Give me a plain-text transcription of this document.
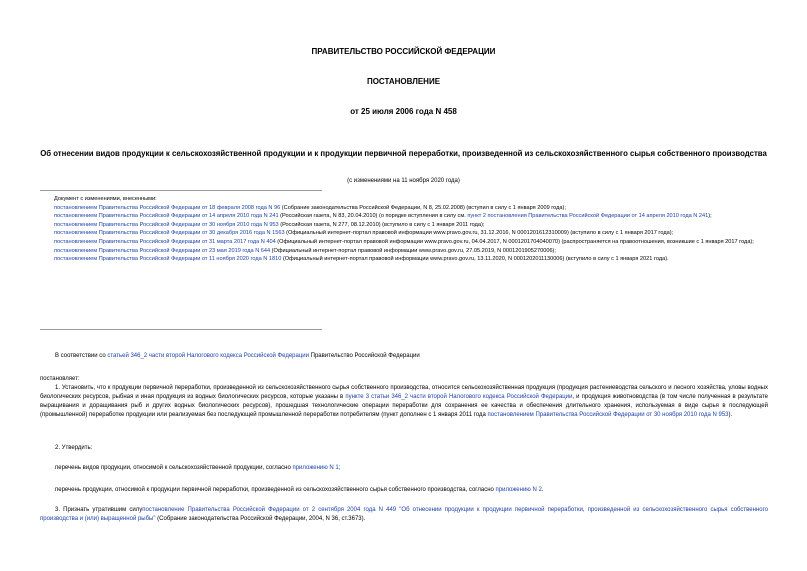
ПРАВИТЕЛЬСТВО РОССИЙСКОЙ ФЕДЕРАЦИИ
ПОСТАНОВЛЕНИЕ
от 25 июля 2006 года N 458
Об отнесении видов продукции к сельскохозяйственной продукции и к продукции первичной переработки, произведенной из сельскохозяйственного сырья собственного производства
(с изменениями на 11 ноября 2020 года)

Документ с изменениями, внесенными:

постановлением Правительства Российской Федерации от 18 февраля 2008 года N 96 (Собрание законодательства Российской Федерации, N 8, 25.02.2008) (вступил в силу с 1 января 2009 года);

постановлением Правительства Российской Федерации от 14 апреля 2010 года N 241 (Российская газета, N 83, 20.04.2010) (о порядке вступления в силу см. пункт 2 постановления Правительства Российской Федерации от 14 апреля 2010 года N 241);

постановлением Правительства Российской Федерации от 30 ноября 2010 года N 953 (Российская газета, N 277, 08.12.2010) (вступило в силу с 1 января 2011 года);

постановлением Правительства Российской Федерации от 30 декабря 2016 года N 1563 (Официальный интернет-портал правовой информации www.pravo.gov.ru, 31.12.2016, N 0001201612310009) (вступило в силу с 1 января 2017 года);

постановлением Правительства Российской Федерации от 31 марта 2017 года N 404 (Официальный интернет-портал правовой информации www.pravo.gov.ru, 04.04.2017, N 0001201704040070) (распространяется на правоотношения, возникшие с 1 января 2017 года);

постановлением Правительства Российской Федерации от 23 мая 2019 года N 644 (Официальный интернет-портал правовой информации www.pravo.gov.ru, 27.05.2019, N 0001201905270006);

постановлением Правительства Российской Федерации от 11 ноября 2020 года N 1810 (Официальный интернет-портал правовой информации www.pravo.gov.ru, 13.11.2020, N 0001202011130006) (вступило в силу с 1 января 2021 года).

В соответствии со статьей 346_2 части второй Налогового кодекса Российской Федерации Правительство Российской Федерации
постановляет:
1. Установить, что к продукции первичной переработки, произведенной из сельскохозяйственного сырья собственного производства, относится сельскохозяйственная продукция (продукция растениеводства сельского и лесного хозяйства, уловы водных биологических ресурсов, рыбная и иная продукция из водных биологических ресурсов, которые указаны в пункте 3 статьи 346_2 части второй Налогового кодекса Российской Федерации, и продукция животноводства (в том числе полученная в результате выращивания и доращивания рыб и других водных биологических ресурсов), прошедшая технологические операции переработки для сохранения ее качества и обеспечения длительного хранения, используемая в виде сырья в последующей (промышленной) переработке продукции или реализуемая без последующей промышленной переработки потребителям (пункт дополнен с 1 января 2011 года постановлением Правительства Российской Федерации от 30 ноября 2010 года N 953).
2. Утвердить:
перечень видов продукции, относимой к сельскохозяйственной продукции, согласно приложению N 1;
перечень продукции, относимой к продукции первичной переработки, произведенной из сельскохозяйственного сырья собственного производства, согласно приложению N 2.
3. Признать утратившим силупостановление Правительства Российской Федерации от 2 сентября 2004 года N 449 "Об отнесении продукции к продукции первичной переработки, произведенной из сельскохозяйственного сырья собственного производства и (или) выращенной рыбы" (Собрание законодательства Российской Федерации, 2004, N 36, ст.3673).
